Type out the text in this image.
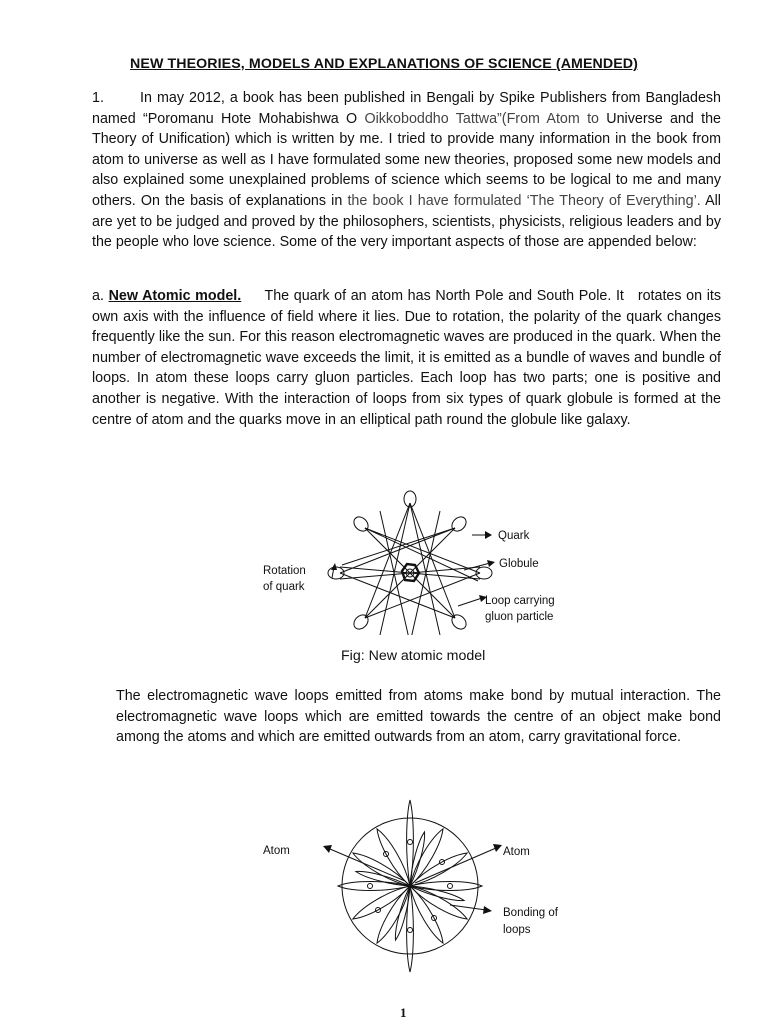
NEW THEORIES, MODELS AND EXPLANATIONS OF SCIENCE (AMENDED)

1.	In may 2012, a book has been published in Bengali by Spike Publishers from Bangladesh named “Poromanu Hote Mohabishwa O Oikkoboddho Tattwa”(From Atom to Universe and the Theory of Unification) which is written by me. I tried to provide many information in the book from atom to universe as well as I have formulated some new theories, proposed some new models and also explained some unexplained problems of science which seems to be logical to me and many others. On the basis of explanations in the book I have formulated ‘The Theory of Everything’. All are yet to be judged and proved by the philosophers, scientists, physicists, religious leaders and by the people who love science. Some of the very important aspects of those are appended below:

a. New Atomic model.     The quark of an atom has North Pole and South Pole. It   rotates on its own axis with the influence of field where it lies. Due to rotation, the polarity of the quark changes frequently like the sun. For this reason electromagnetic waves are produced in the quark. When the number of electromagnetic wave exceeds the limit, it is emitted as a bundle of waves and bundle of loops. In atom these loops carry gluon particles. Each loop has two parts; one is positive and another is negative. With the interaction of loops from six types of quark globule is formed at the centre of atom and the quarks move in an elliptical path round the globule like galaxy.

Quark
Globule
Loop carrying
gluon particle
Rotation
of quark
Fig: New atomic model

The electromagnetic wave loops emitted from atoms make bond by mutual interaction. The electromagnetic wave loops which are emitted towards the centre of an object make bond among the atoms and which are emitted outwards from an atom, carry gravitational force.

Atom	Atom
Bonding of
loops
1
